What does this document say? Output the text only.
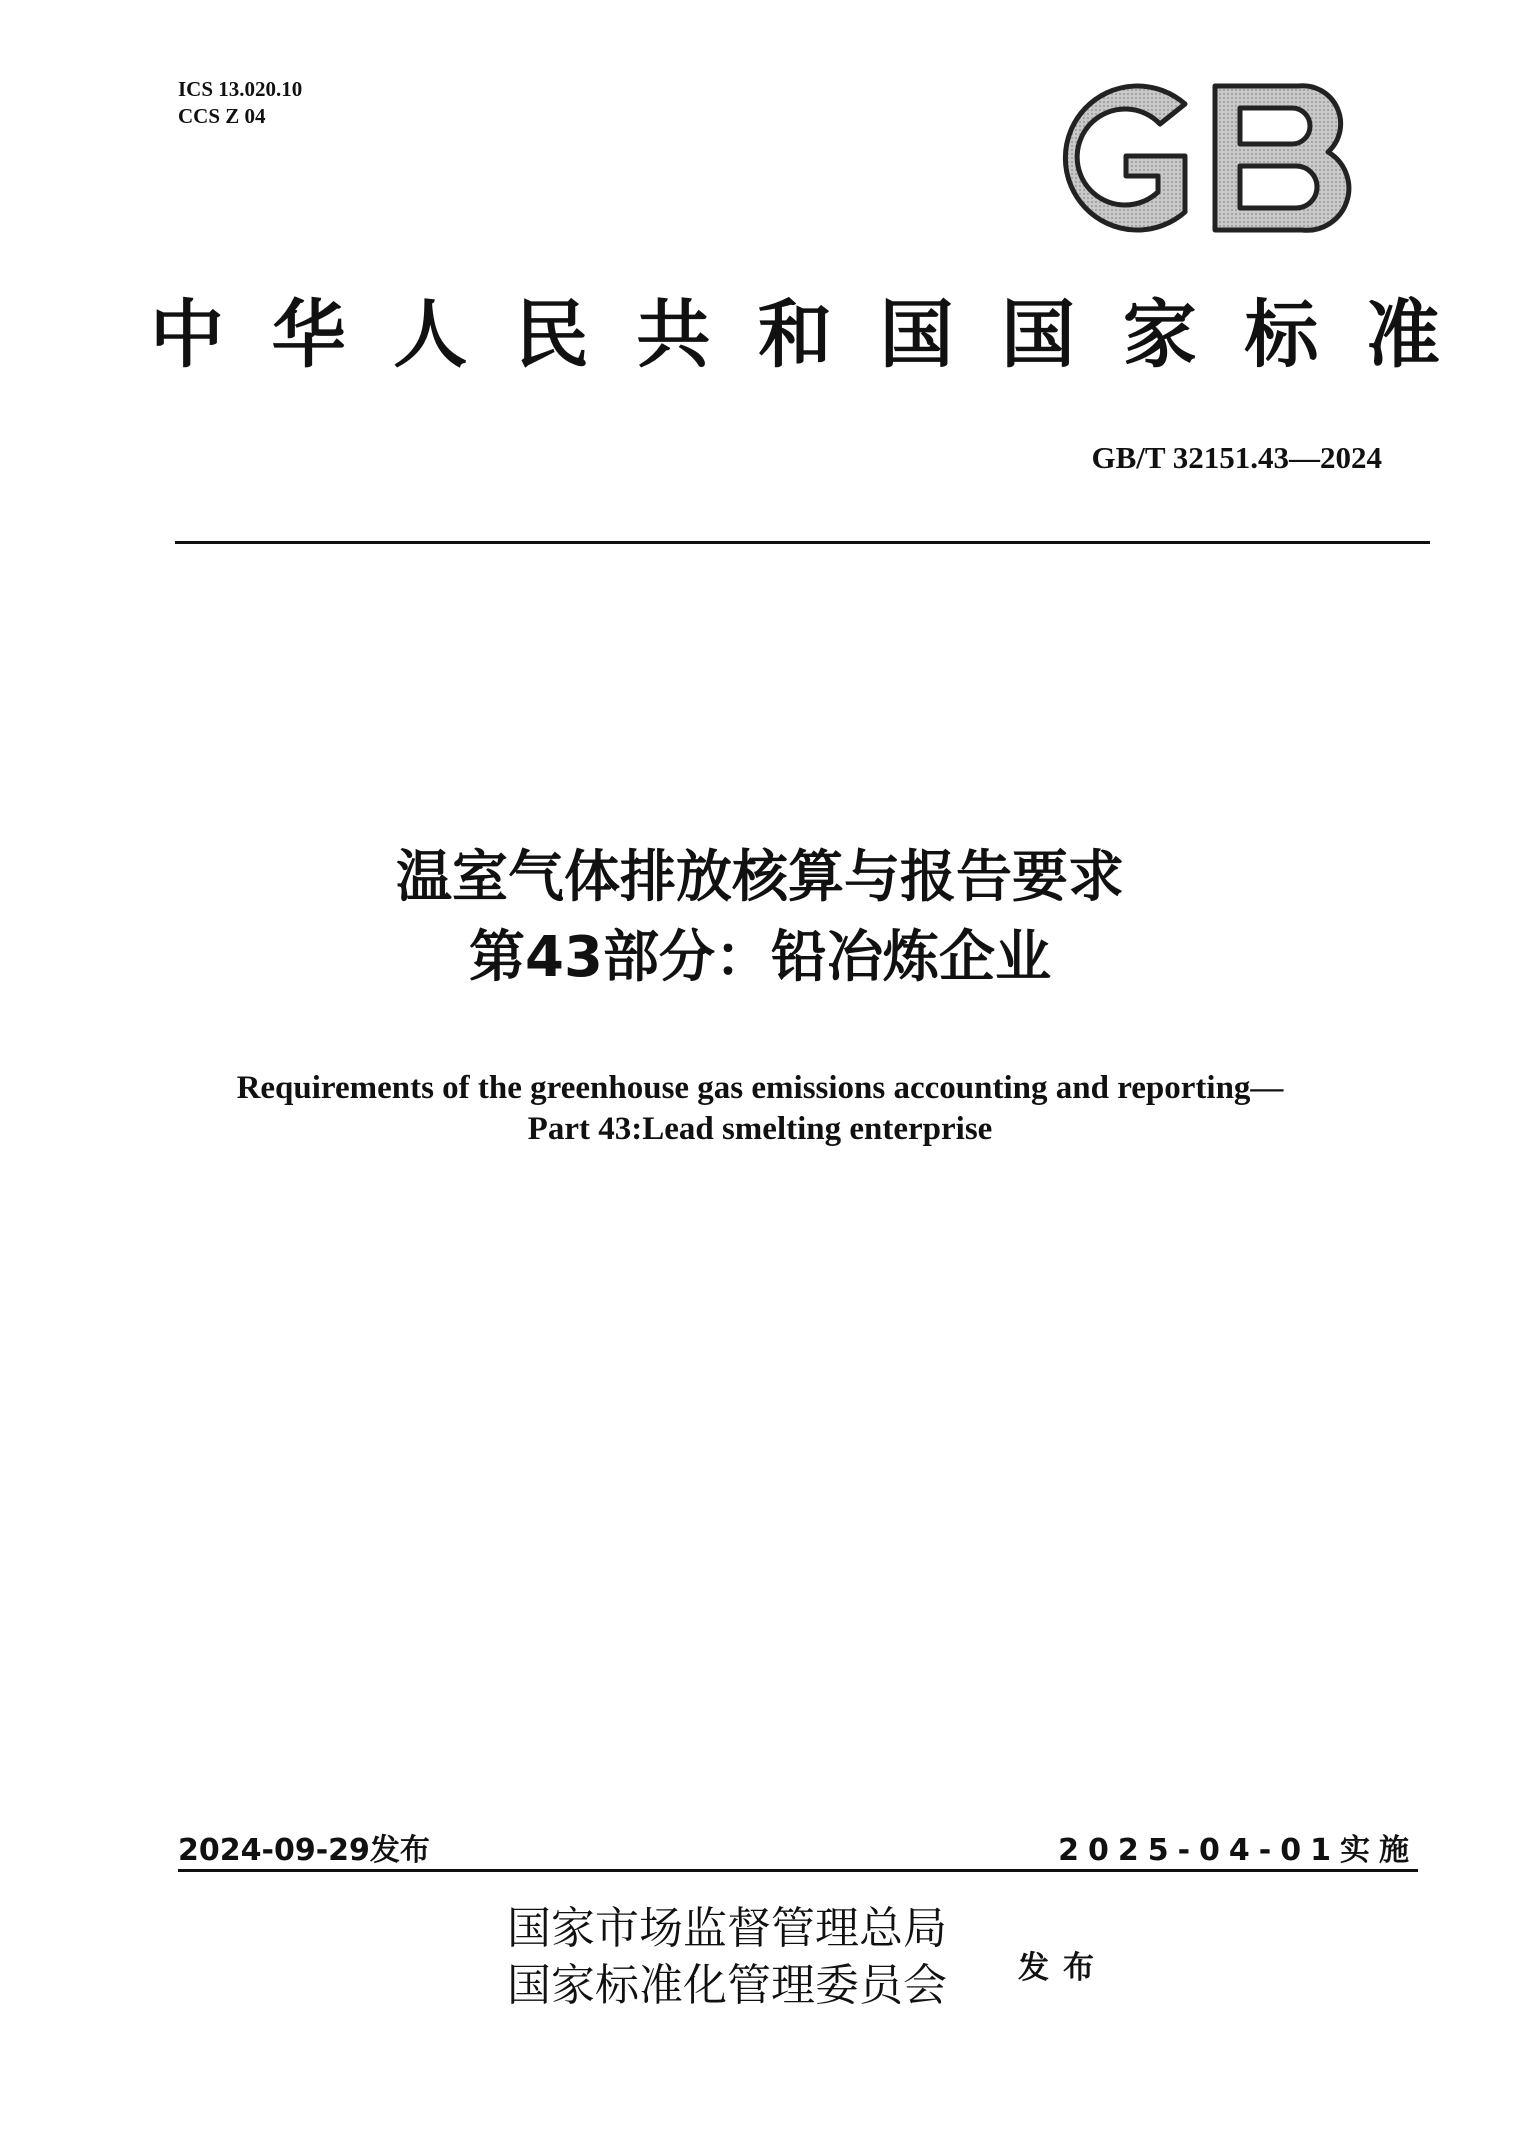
ICS 13.020.10
CCS Z 04
中 华 人 民 共 和 国 国 家 标 准
GB/T 32151.43—2024
温室气体排放核算与报告要求
第43部分：铅冶炼企业
Requirements of the greenhouse gas emissions accounting and reporting—
Part 43:Lead smelting enterprise
2024-09-29发布	2025-04-01实施
国家市场监督管理总局
国家标准化管理委员会 发布
